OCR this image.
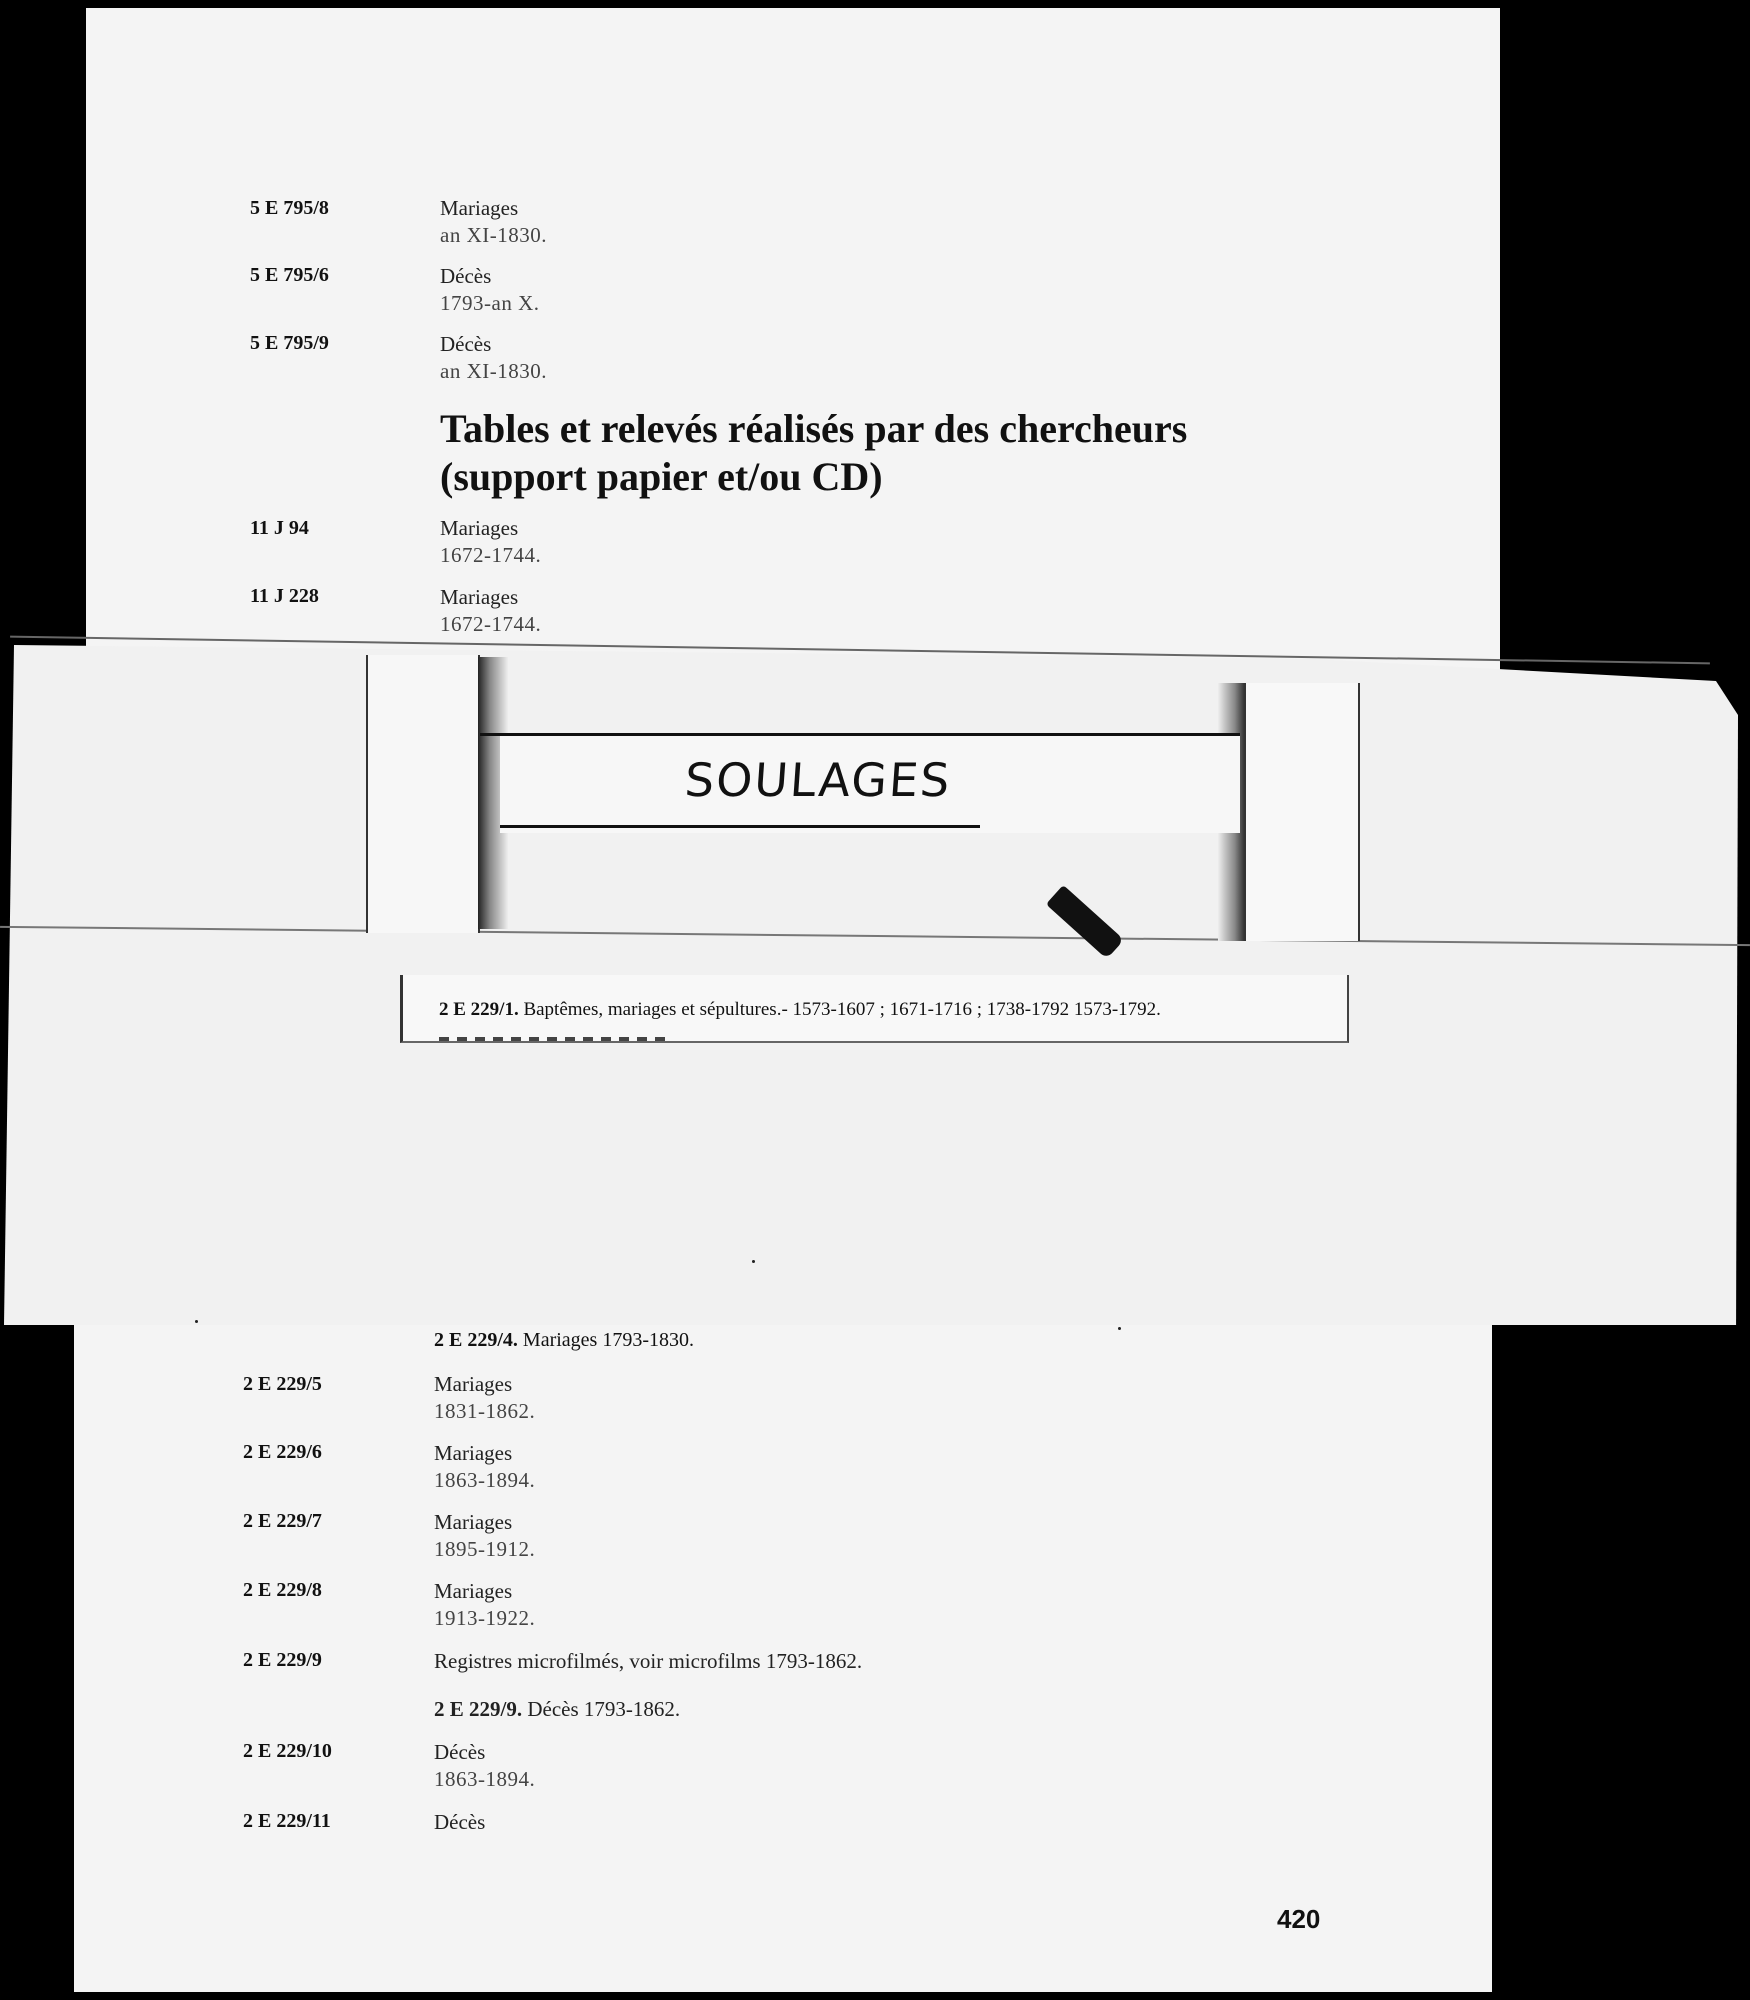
5 E 795/8	Mariages
an XI-1830.
5 E 795/6	Décès
1793-an X.
5 E 795/9	Décès
an XI-1830.
Tables et relevés réalisés par des chercheurs
(support papier et/ou CD)
11 J 94	Mariages
1672-1744.
11 J 228	Mariages
1672-1744.
SOULAGES
2 E 229/1. Baptêmes, mariages et sépultures.- 1573-1607 ; 1671-1716 ; 1738-1792 1573-1792.
2 E 229/4. Mariages 1793-1830.
2 E 229/5	Mariages
1831-1862.
2 E 229/6	Mariages
1863-1894.
2 E 229/7	Mariages
1895-1912.
2 E 229/8	Mariages
1913-1922.
2 E 229/9	Registres microfilmés, voir microfilms 1793-1862.
2 E 229/9. Décès 1793-1862.
2 E 229/10	Décès
1863-1894.
2 E 229/11	Décès
420
